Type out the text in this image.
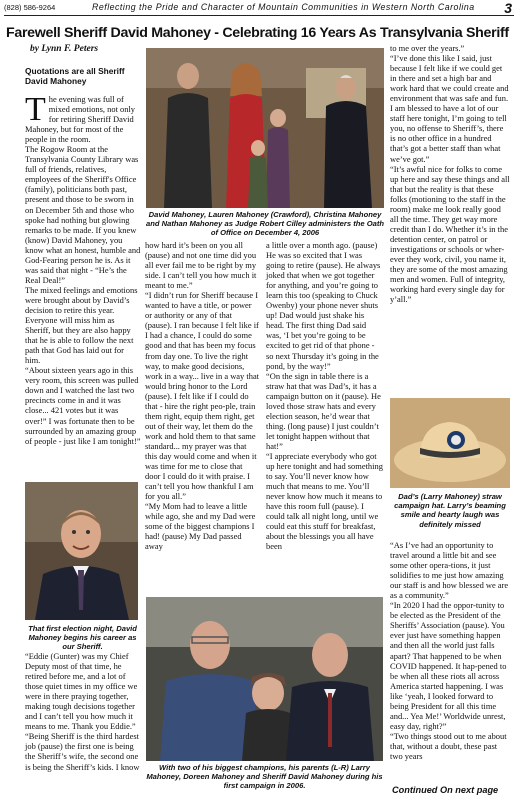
(828) 586-9264	Reflecting the Pride and Character of Mountain Communities in Western North Carolina 3
Farewell Sheriff David Mahoney - Celebrating 16 Years As Transylvania Sheriff
by Lynn F. Peters

Quotations are all Sheriff David Mahoney

T he evening was full of mixed emotions, not only for retiring Sheriff David Mahoney, but for most of the people in the room.

The Rogow Room at the Transylvania County Library was full of friends, relatives, employees of the Sheriff's Office (family), politicians both past, present and those to be sworn in on December 5th and those who spoke had nothing but glowing remarks to be made. If you knew (know) David Mahoney, you know what an honest, humble and God-Fearing person he is. As it was said that night - “He’s the Real Deal!”

The mixed feelings and emotions were brought about by David’s decision to retire this year. Everyone will miss him as Sheriff, but they are also happy that he is able to follow the next path that God has laid out for him.

“About sixteen years ago in this very room, this screen was pulled down and I watched the last two precincts come in and it was close... 421 votes but it was over!” I was fortunate then to be surrounded by an amazing group of people - just like I am tonight!”

That first election night, David Mahoney begins his career as our Sheriff.

“Eddie (Gunter) was my Chief Deputy most of that time, he retired before me, and a lot of those quiet times in my office we were in there praying together, making tough decisions together and I can’t tell you how much it means to me. Thank you Eddie.”

“Being Sheriff is the third hardest job (pause) the first one is being the Sheriff’s wife, the second one is being the Sheriff’s kids. I know

David Mahoney, Lauren Mahoney (Crawford), Christina Mahoney and Nathan Mahoney as Judge Robert Cilley administers the Oath of Office on December 4, 2006

how hard it’s been on you all (pause) and not one time did you all ever fail me to be right by my side. I can’t tell you how much it meant to me.”

“I didn’t run for Sheriff because I wanted to have a title, or power or authority or any of that (pause). I ran because I felt like if I had a chance, I could do some good and that has been my focus from day one. To live the right way, to make good decisions, work in a way... live in a way that would bring honor to the Lord (pause). I felt like if I could do that - hire the right peo-ple, train them right, equip them right, get out of their way, let them do the work and hold them to that same standard... my prayer was that this day would come and when it was time for me to close that door I could do it with praise. I can’t tell you how thankful I am for you all.”

“My Mom had to leave a little while ago, she and my Dad were some of the biggest champions I had! (pause) My Dad passed away

a little over a month ago. (pause) He was so excited that I was going to retire (pause). He always joked that when we got together for anything, and you’re going to learn this too (speaking to Chuck Owenby) your phone never shuts up! Dad would just shake his head. The first thing Dad said was, ‘I bet you’re going to be excited to get rid of that phone - so next Thursday it’s going in the pond, by the way!”

“On the sign in table there is a straw hat that was Dad’s, it has a campaign button on it (pause). He loved those straw hats and every election season, he’d wear that thing. (long pause) I just couldn’t let tonight happen without that hat!”

“I appreciate everybody who got up here tonight and had something to say. You’ll never know how much that means to me. You’ll never know how much it means to have this room full (pause). I could talk all night long, until we could eat this stuff for breakfast, about the blessings you all have been

With two of his biggest champions, his parents (L-R) Larry Mahoney, Doreen Mahoney and Sheriff David Mahoney during his first campaign in 2006.

to me over the years.”

“I’ve done this like I said, just because I felt like if we could get in there and set a high bar and work hard that we could create and environment that was safe and fun. I am blessed to have a lot of our staff here tonight, I’m going to tell you, no offense to Sheriff’s, there is no other office in a hundred that’s got a better staff than what we’ve got.”

“It’s awful nice for folks to come up here and say these things and all that but the reality is that these folks (motioning to the staff in the room) make me look really good all the time. They get way more credit than I do. Whether it’s in the detention center, on patrol or investigations or schools or wher-ever they work, civil, you name it, they are some of the most amazing men and women. Full of integrity, working hard every single day for y’all.”

Dad’s (Larry Mahoney) straw campaign hat. Larry’s beaming smile and hearty laugh was definitely missed

“As I’ve had an opportunity to travel around a little bit and see some other opera-tions, it just solidifies to me just how amazing our staff is and how blessed we are as a community.”

“In 2020 I had the oppor-tunity to be elected as the President of the Sheriffs’ Association (pause). You ever just have something happen and then all the world just falls apart? That happened to be when COVID happened. It hap-pened to be when all these riots all across America started happening. I was like ‘yeah, I looked forward to being President for all this time and... Yea Me!’ Worldwide unrest, easy day, right?”

“Two things stood out to me about that, without a doubt, these past two years

Continued On next page
